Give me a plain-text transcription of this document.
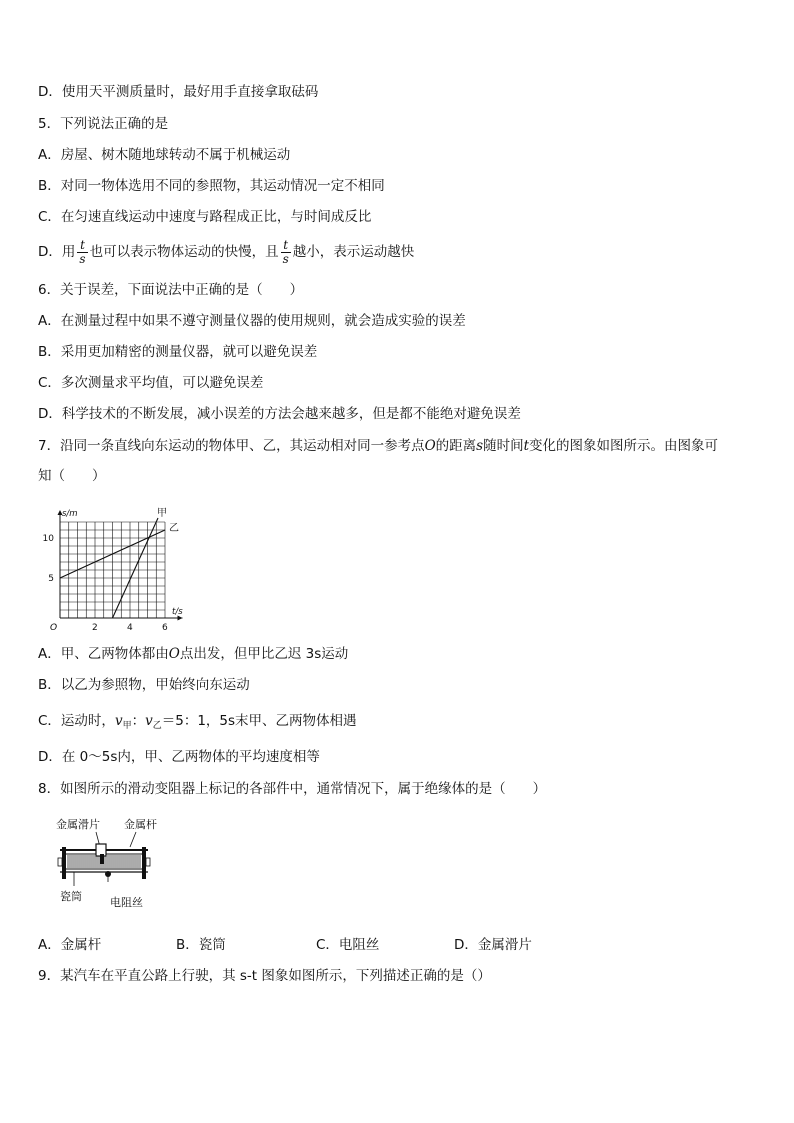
D．使用天平测质量时，最好用手直接拿取砝码
5．下列说法正确的是
A．房屋、树木随地球转动不属于机械运动
B．对同一物体选用不同的参照物，其运动情况一定不相同
C．在匀速直线运动中速度与路程成正比，与时间成反比
D．用 $\frac{t}{s}$ 也可以表示物体运动的快慢，且 $\frac{t}{s}$ 越小，表示运动越快
6．关于误差，下面说法中正确的是（　　）
A．在测量过程中如果不遵守测量仪器的使用规则，就会造成实验的误差
B．采用更加精密的测量仪器，就可以避免误差
C．多次测量求平均值，可以避免误差
D．科学技术的不断发展，减小误差的方法会越来越多，但是都不能绝对避免误差
7．沿同一条直线向东运动的物体甲、乙，其运动相对同一参考点O的距离s随时间t变化的图象如图所示。由图象可
知（　　）
2	4	6
5
10
O
t/s
s/m	甲
乙
A．甲、乙两物体都由O点出发，但甲比乙迟 3s运动
B．以乙为参照物，甲始终向东运动
C．运动时，$v_甲$：$v_乙=5$：1，5s末甲、乙两物体相遇
D．在 0～5s内，甲、乙两物体的平均速度相等
8．如图所示的滑动变阻器上标记的各部件中，通常情况下，属于绝缘体的是（　　）
金属滑片 金属杆
瓷筒	电阻丝
A．金属杆	B．瓷筒	C．电阻丝	D．金属滑片
9．某汽车在平直公路上行驶，其 s-t 图象如图所示，下列描述正确的是（）
